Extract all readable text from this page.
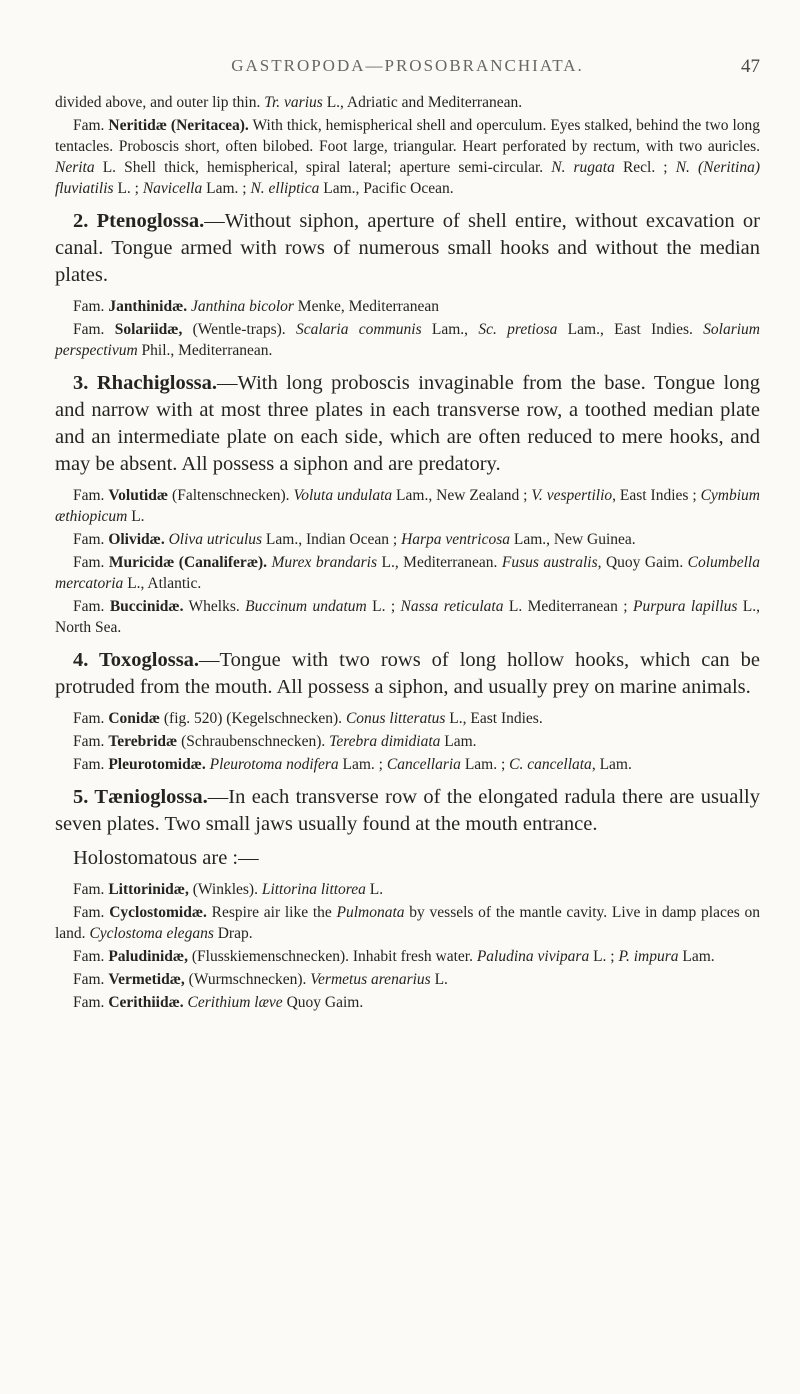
GASTROPODA—PROSOBRANCHIATA.	47

divided above, and outer lip thin. Tr. varius L., Adriatic and Mediterranean.

Fam. Neritidæ (Neritacea). With thick, hemispherical shell and operculum. Eyes stalked, behind the two long tentacles. Proboscis short, often bilobed. Foot large, triangular. Heart perforated by rectum, with two auricles. Nerita L. Shell thick, hemispherical, spiral lateral; aperture semi-circular. N. rugata Recl. ; N. (Neritina) fluviatilis L. ; Navicella Lam. ; N. elliptica Lam., Pacific Ocean.

2. Ptenoglossa.—Without siphon, aperture of shell entire, without excavation or canal. Tongue armed with rows of numerous small hooks and without the median plates.

Fam. Janthinidæ. Janthina bicolor Menke, Mediterranean

Fam. Solariidæ, (Wentle-traps). Scalaria communis Lam., Sc. pretiosa Lam., East Indies. Solarium perspectivum Phil., Mediterranean.

3. Rhachiglossa.—With long proboscis invaginable from the base. Tongue long and narrow with at most three plates in each transverse row, a toothed median plate and an intermediate plate on each side, which are often reduced to mere hooks, and may be absent. All possess a siphon and are predatory.

Fam. Volutidæ (Faltenschnecken). Voluta undulata Lam., New Zealand ; V. vespertilio, East Indies ; Cymbium æthiopicum L.

Fam. Olividæ. Oliva utriculus Lam., Indian Ocean ; Harpa ventricosa Lam., New Guinea.

Fam. Muricidæ (Canaliferæ). Murex brandaris L., Mediterranean. Fusus australis, Quoy Gaim. Columbella mercatoria L., Atlantic.

Fam. Buccinidæ. Whelks. Buccinum undatum L. ; Nassa reticulata L. Mediterranean ; Purpura lapillus L., North Sea.

4. Toxoglossa.—Tongue with two rows of long hollow hooks, which can be protruded from the mouth. All possess a siphon, and usually prey on marine animals.

Fam. Conidæ (fig. 520) (Kegelschnecken). Conus litteratus L., East Indies.

Fam. Terebridæ (Schraubenschnecken). Terebra dimidiata Lam.

Fam. Pleurotomidæ. Pleurotoma nodifera Lam. ; Cancellaria Lam. ; C. cancellata, Lam.

5. Tænioglossa.—In each transverse row of the elongated radula there are usually seven plates. Two small jaws usually found at the mouth entrance.

Holostomatous are :—

Fam. Littorinidæ, (Winkles). Littorina littorea L.

Fam. Cyclostomidæ. Respire air like the Pulmonata by vessels of the mantle cavity. Live in damp places on land. Cyclostoma elegans Drap.

Fam. Paludinidæ, (Flusskiemenschnecken). Inhabit fresh water. Paludina vivipara L. ; P. impura Lam.

Fam. Vermetidæ, (Wurmschnecken). Vermetus arenarius L.

Fam. Cerithiidæ. Cerithium læve Quoy Gaim.
